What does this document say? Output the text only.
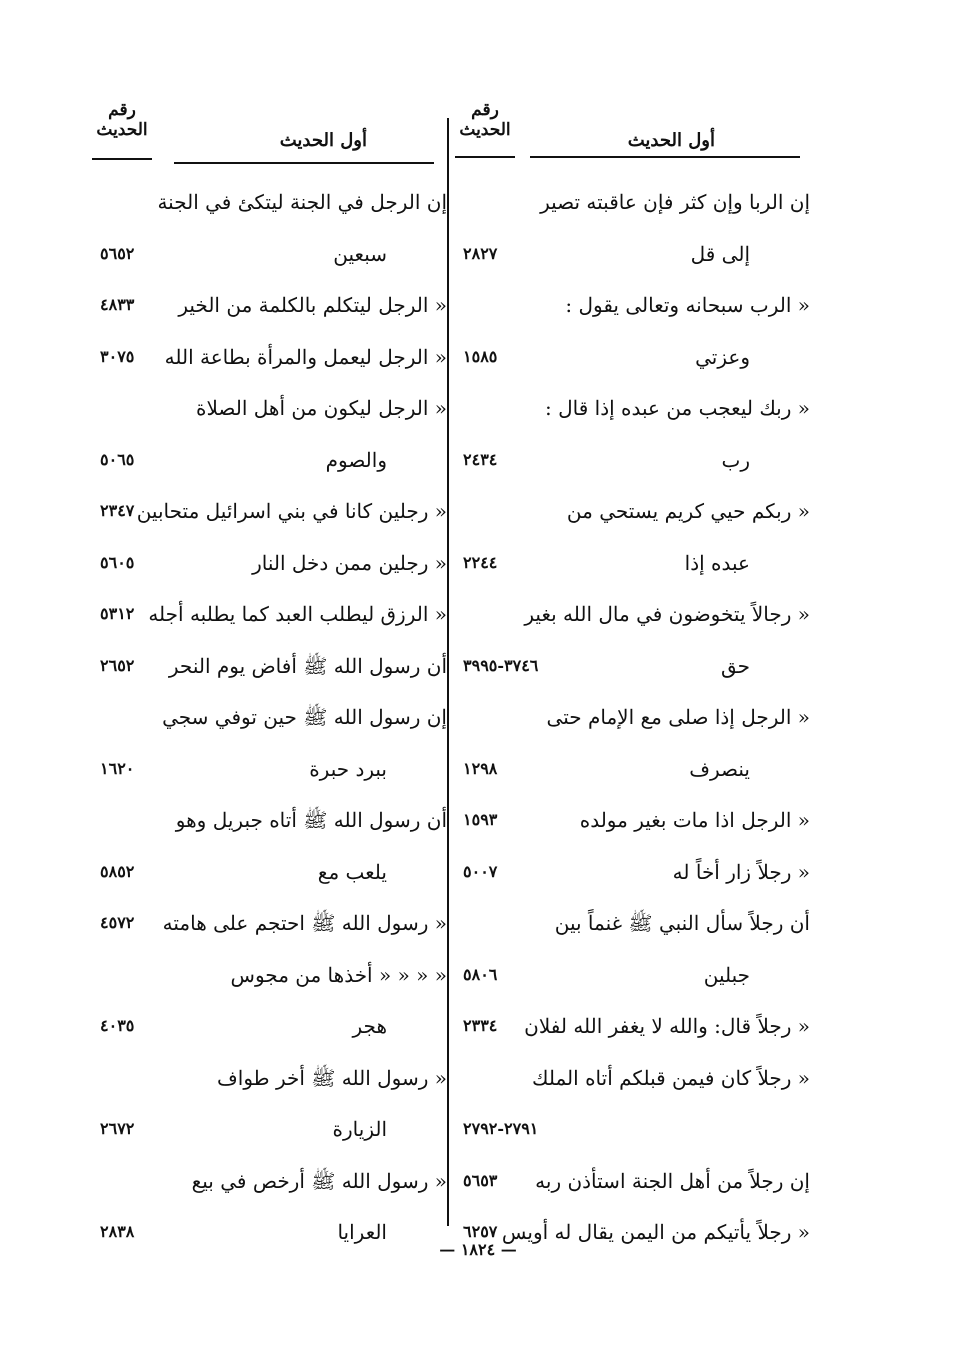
رقم
الحديث	أول الحديث
إن الربا وإن كثر فإن عاقبته تصير
إلى قل
٢٨٢٧
« الرب سبحانه وتعالى يقول :
وعزتي
١٥٨٥
« ربك ليعجب من عبده إذا قال :
رب
٢٤٣٤
« ربكم حيي كريم يستحي من
عبده إذا
٢٢٤٤
« رجالاً يتخوضون في مال الله بغير
حق
٣٧٤٦-٣٩٩٥
« الرجل إذا صلى مع الإمام حتى
ينصرف
١٢٩٨
« الرجل اذا مات بغير مولده
١٥٩٣
« رجلاً زار أخاً له
٥٠٠٧
أن رجلاً سأل النبي ﷺ غنماً بين
جبلين
٥٨٠٦
« رجلاً قال: والله لا يغفر الله لفلان
٢٣٣٤
« رجلاً كان فيمن قبلكم أتاه الملك
٢٧٩١-٢٧٩٢
إن رجلاً من أهل الجنة استأذن ربه
٥٦٥٣
« رجلاً يأتيكم من اليمن يقال له أويس
٦٢٥٧
رقم
الحديث	أول الحديث
إن الرجل في الجنة ليتكئ في الجنة
سبعين
٥٦٥٢
« الرجل ليتكلم بالكلمة من الخير
٤٨٣٣
« الرجل ليعمل والمرأة بطاعة الله
٣٠٧٥
« الرجل ليكون من أهل الصلاة
والصوم
٥٠٦٥
« رجلين كانا في بني اسرائيل متحابين
٢٣٤٧
« رجلين ممن دخل النار
٥٦٠٥
« الرزق ليطلب العبد كما يطلبه أجله
٥٣١٢
أن رسول الله ﷺ أفاض يوم النحر
٢٦٥٢
إن رسول الله ﷺ حين توفي سجي
ببرد حبرة
١٦٢٠
أن رسول الله ﷺ أتاه جبريل وهو
يلعب مع
٥٨٥٢
« رسول الله ﷺ احتجم على هامته
٤٥٧٢
« « « « أخذها من مجوس
هجر
٤٠٣٥
« رسول الله ﷺ أخر طواف
الزيارة
٢٦٧٢
« رسول الله ﷺ أرخص في بيع
العرايا
٢٨٣٨
— ١٨٢٤ —
